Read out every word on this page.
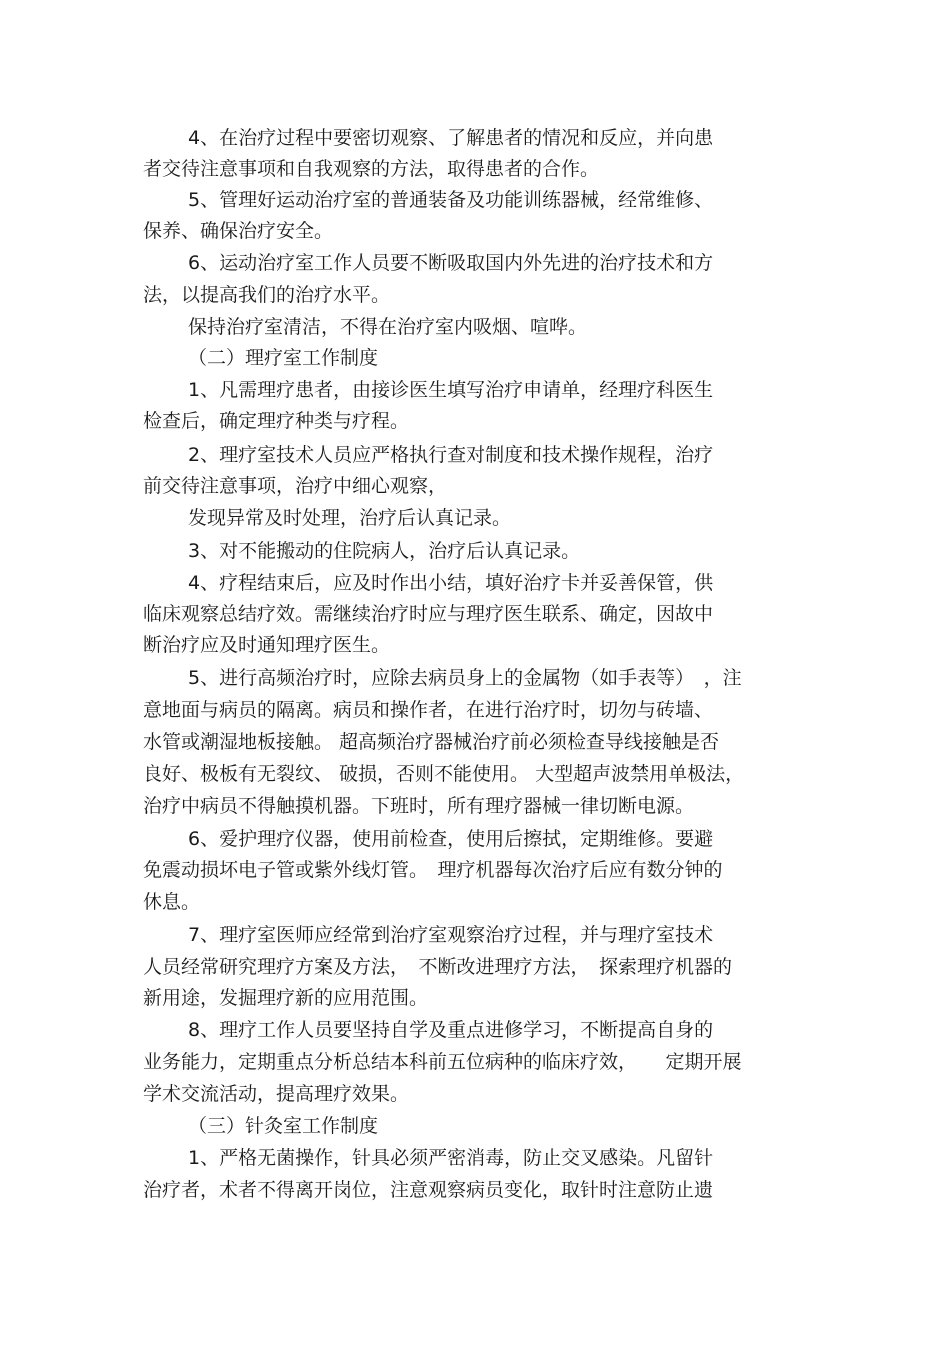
4、在治疗过程中要密切观察、了解患者的情况和反应，并向患
者交待注意事项和自我观察的方法，取得患者的合作。
5、管理好运动治疗室的普通装备及功能训练器械，经常维修、
保养、确保治疗安全。
6、运动治疗室工作人员要不断吸取国内外先进的治疗技术和方
法，以提高我们的治疗水平。
保持治疗室清洁，不得在治疗室内吸烟、喧哗。
（二）理疗室工作制度
1、凡需理疗患者，由接诊医生填写治疗申请单，经理疗科医生
检查后，确定理疗种类与疗程。
2、理疗室技术人员应严格执行查对制度和技术操作规程，治疗
前交待注意事项，治疗中细心观察，
发现异常及时处理，治疗后认真记录。
3、对不能搬动的住院病人，治疗后认真记录。
4、疗程结束后，应及时作出小结，填好治疗卡并妥善保管，供
临床观察总结疗效。需继续治疗时应与理疗医生联系、确定，因故中
断治疗应及时通知理疗医生。
5、进行高频治疗时，应除去病员身上的金属物（如手表等）　，注
意地面与病员的隔离。病员和操作者，在进行治疗时，切勿与砖墙、
水管或潮湿地板接触。 超高频治疗器械治疗前必须检查导线接触是否
良好、极板有无裂纹、 破损，否则不能使用。 大型超声波禁用单极法，
治疗中病员不得触摸机器。下班时，所有理疗器械一律切断电源。
6、爱护理疗仪器，使用前检查，使用后擦拭，定期维修。要避
免震动损坏电子管或紫外线灯管。　理疗机器每次治疗后应有数分钟的
休息。
7、理疗室医师应经常到治疗室观察治疗过程，并与理疗室技术
人员经常研究理疗方案及方法，　不断改进理疗方法，　探索理疗机器的
新用途，发掘理疗新的应用范围。
8、理疗工作人员要坚持自学及重点进修学习，不断提高自身的
业务能力，定期重点分析总结本科前五位病种的临床疗效，　　定期开展
学术交流活动，提高理疗效果。
（三）针灸室工作制度
1、严格无菌操作，针具必须严密消毒，防止交叉感染。凡留针
治疗者，术者不得离开岗位，注意观察病员变化，取针时注意防止遗
